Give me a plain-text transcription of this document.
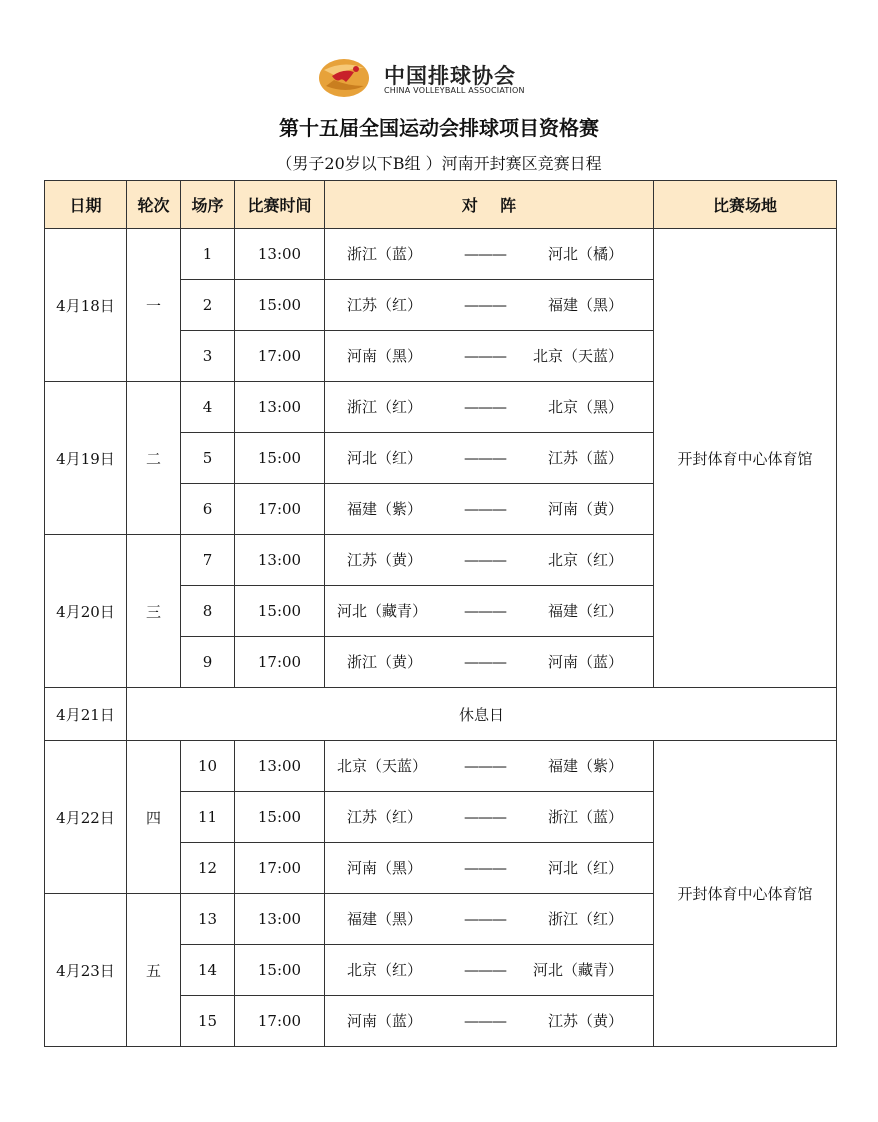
中国排球协会
CHINA VOLLEYBALL ASSOCIATION
第十五届全国运动会排球项目资格赛
（男子20岁以下B组 ）河南开封赛区竞赛日程
日期	轮次	场序	比赛时间	对    阵	比赛场地
4月18日	一	1	13:00	浙江（蓝） ——— 河北（橘）	开封体育中心体育馆
		2	15:00	江苏（红） ——— 福建（黑）	

		3	17:00	河南（黑） ——— 北京（天蓝）	

4月19日	二	4	13:00	浙江（红） ——— 北京（黑）	

		5	15:00	河北（红） ——— 江苏（蓝）	

		6	17:00	福建（紫） ——— 河南（黄）	

4月20日	三	7	13:00	江苏（黄） ——— 北京（红）	

		8	15:00	河北（藏青） ——— 福建（红）	

		9	17:00	浙江（黄） ——— 河南（蓝）	

4月21日	休息日				
4月22日	四	10	13:00	北京（天蓝） ——— 福建（紫）	开封体育中心体育馆
		11	15:00	江苏（红） ——— 浙江（蓝）	

		12	17:00	河南（黑） ——— 河北（红）	

4月23日	五	13	13:00	福建（黑） ——— 浙江（红）	

		14	15:00	北京（红） ——— 河北（藏青）	

		15	17:00	河南（蓝） ——— 江苏（黄）	
